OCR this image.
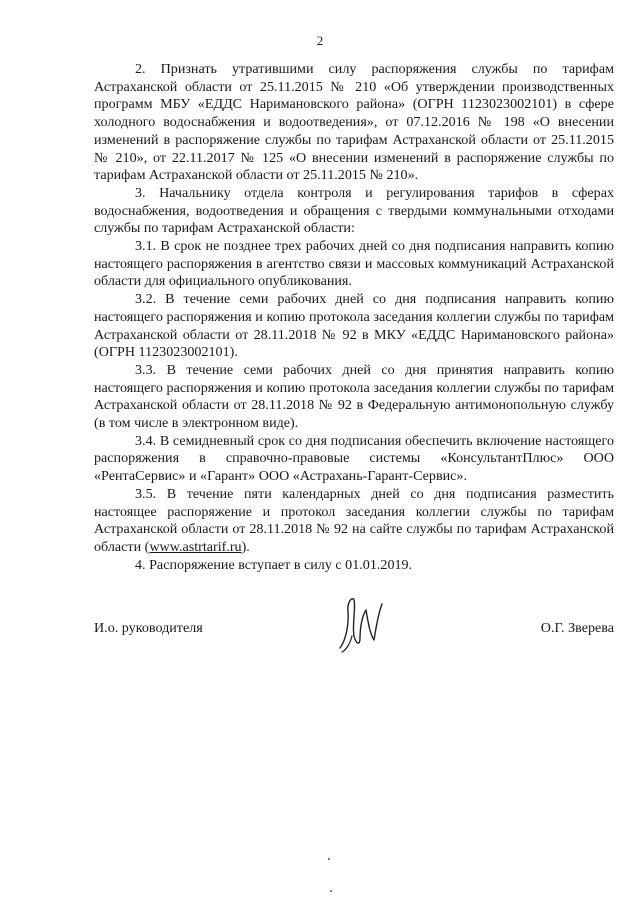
2

2. Признать утратившими силу распоряжения службы по тарифам Астраханской области от 25.11.2015 № 210 «Об утверждении производственных программ МБУ «ЕДДС Наримановского района» (ОГРН 1123023002101) в сфере холодного водоснабжения и водоотведения», от 07.12.2016 № 198 «О внесении изменений в распоряжение службы по тарифам Астраханской области от 25.11.2015 № 210», от 22.11.2017 № 125 «О внесении изменений в распоряжение службы по тарифам Астраханской области от 25.11.2015 № 210».

3. Начальнику отдела контроля и регулирования тарифов в сферах водоснабжения, водоотведения и обращения с твердыми коммунальными отходами службы по тарифам Астраханской области:

3.1. В срок не позднее трех рабочих дней со дня подписания направить копию настоящего распоряжения в агентство связи и массовых коммуникаций Астраханской области для официального опубликования.

3.2. В течение семи рабочих дней со дня подписания направить копию настоящего распоряжения и копию протокола заседания коллегии службы по тарифам Астраханской области от 28.11.2018 № 92 в МКУ «ЕДДС Наримановского района» (ОГРН 1123023002101).

3.3. В течение семи рабочих дней со дня принятия направить копию настоящего распоряжения и копию протокола заседания коллегии службы по тарифам Астраханской области от 28.11.2018 № 92 в Федеральную антимонопольную службу (в том числе в электронном виде).

3.4. В семидневный срок со дня подписания обеспечить включение настоящего распоряжения в справочно-правовые системы «КонсультантПлюс» ООО «РентаСервис» и «Гарант» ООО «Астрахань-Гарант-Сервис».

3.5. В течение пяти календарных дней со дня подписания разместить настоящее распоряжение и протокол заседания коллегии службы по тарифам Астраханской области от 28.11.2018 № 92 на сайте службы по тарифам Астраханской области (www.astrtarif.ru).

4. Распоряжение вступает в силу с 01.01.2019.

И.о. руководителя	О.Г. Зверева
